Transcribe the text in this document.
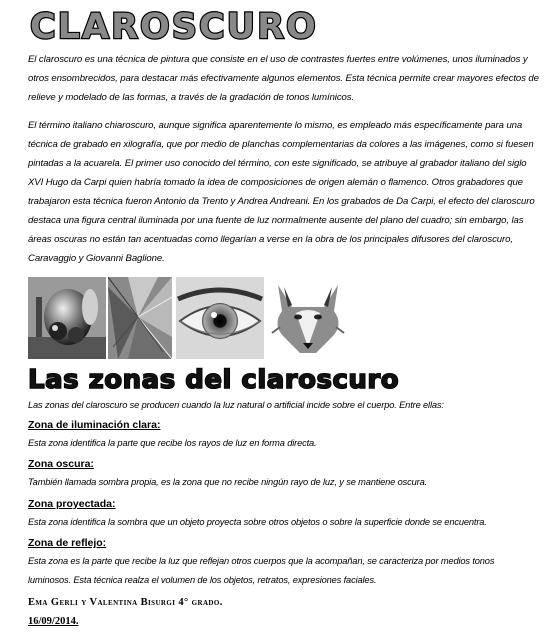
CLAROSCURO

El claroscuro es una técnica de pintura que consiste en el uso de contrastes fuertes entre volúmenes, unos iluminados y otros ensombrecidos, para destacar más efectivamente algunos elementos. Esta técnica permite crear mayores efectos de relieve y modelado de las formas, a través de la gradación de tonos lumínicos.

El término italiano chiaroscuro, aunque significa aparentemente lo mismo, es empleado más específicamente para una técnica de grabado en xilografía, que por medio de planchas complementarias da colores a las imágenes, como si fuesen pintadas a la acuarela. El primer uso conocido del término, con este significado, se atribuye al grabador italiano del siglo XVI Hugo da Carpi quien habría tomado la idea de composiciones de origen alemán o flamenco. Otros grabadores que trabajaron esta técnica fueron Antonio da Trento y Andrea Andreani. En los grabados de Da Carpi, el efecto del claroscuro destaca una figura central iluminada por una fuente de luz normalmente ausente del plano del cuadro; sin embargo, las áreas oscuras no están tan acentuadas como llegarían a verse en la obra de los principales difusores del claroscuro, Caravaggio y Giovanni Baglione.

Las zonas del claroscuro

Las zonas del claroscuro se producen cuando la luz natural o artificial incide sobre el cuerpo. Entre ellas:

Zona de iluminación clara:

Esta zona identifica la parte que recibe los rayos de luz en forma directa.

Zona oscura:

También llamada sombra propia, es la zona que no recibe ningún rayo de luz, y se mantiene oscura.

Zona proyectada:

Esta zona identifica la sombra que un objeto proyecta sobre otros objetos o sobre la superficie donde se encuentra.

Zona de reflejo:

Esta zona es la parte que recibe la luz que reflejan otros cuerpos que la acompañan, se caracteriza por medios tonos

luminosos. Esta técnica realza el volumen de los objetos, retratos, expresiones faciales.

Ema Gerli y Valentina Bisurgi 4° grado.

16/09/2014.
